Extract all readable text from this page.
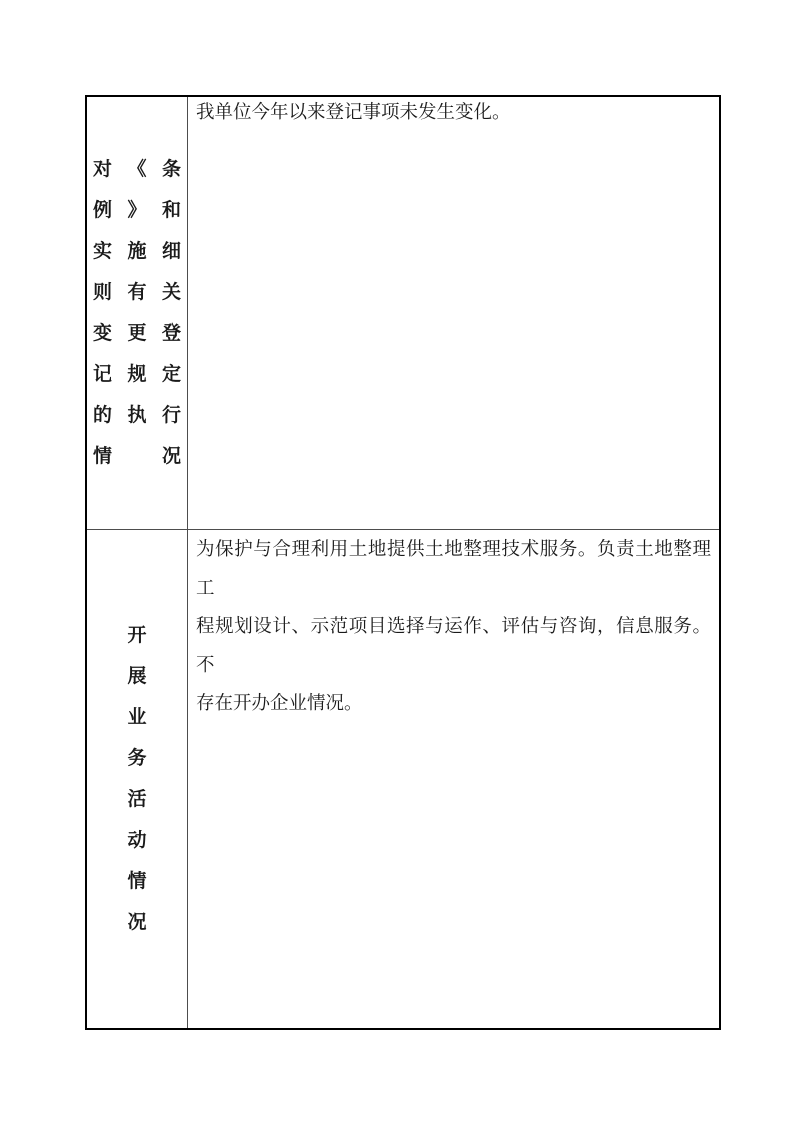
对《条
例》和
实施细
则有关
变更登
记规定
的执行
情况
我单位今年以来登记事项未发生变化。
开
展
业
务
活
动
情
况
为保护与合理利用土地提供土地整理技术服务。负责土地整理工
程规划设计、示范项目选择与运作、评估与咨询，信息服务。不
存在开办企业情况。
